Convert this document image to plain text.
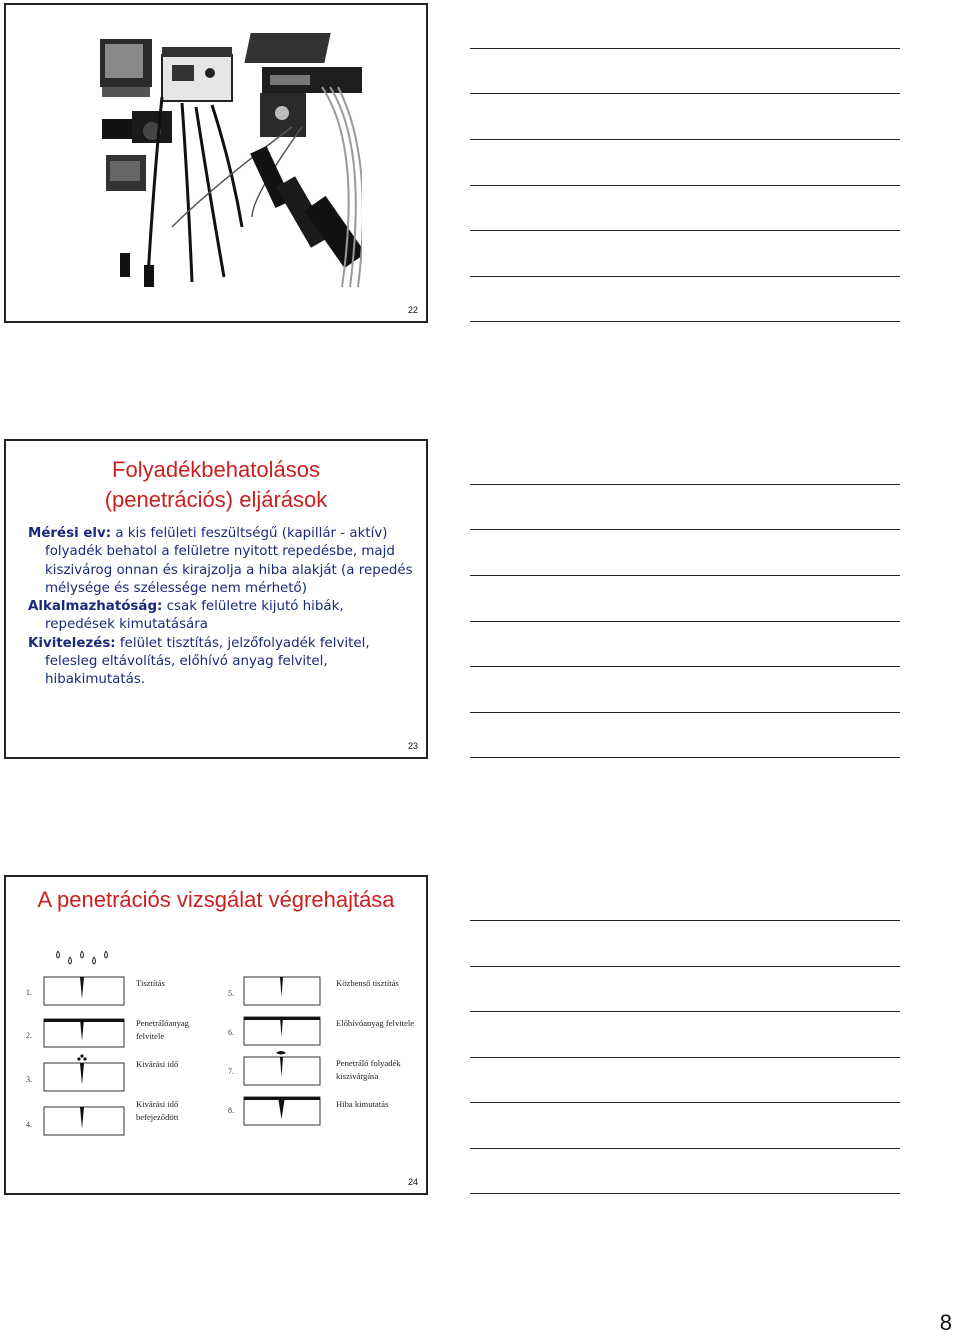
22
Folyadékbehatolásos
(penetrációs) eljárások

Mérési elv: a kis felületi feszültségű (kapillár - aktív) folyadék behatol a felületre nyitott repedésbe, majd kiszivárog onnan és kirajzolja a hiba alakját (a repedés mélysége és szélessége nem mérhető)

Alkalmazhatóság: csak felületre kijutó hibák, repedések kimutatására

Kivitelezés: felület tisztítás, jelzőfolyadék felvitel, felesleg eltávolítás, előhívó anyag felvitel, hibakimutatás.

23
A penetrációs vizsgálat végrehajtása
1.
2.
3.
4.
Tisztítás
Penetrálóanyag felvitele
Kivárási idő
Kivárási idő befejeződött
5.
6.
7.
8.
Közbenső tisztítás
Előhívóanyag felvitele
Penetráló folyadék kiszivárgása
Hiba kimutatás
24
8
